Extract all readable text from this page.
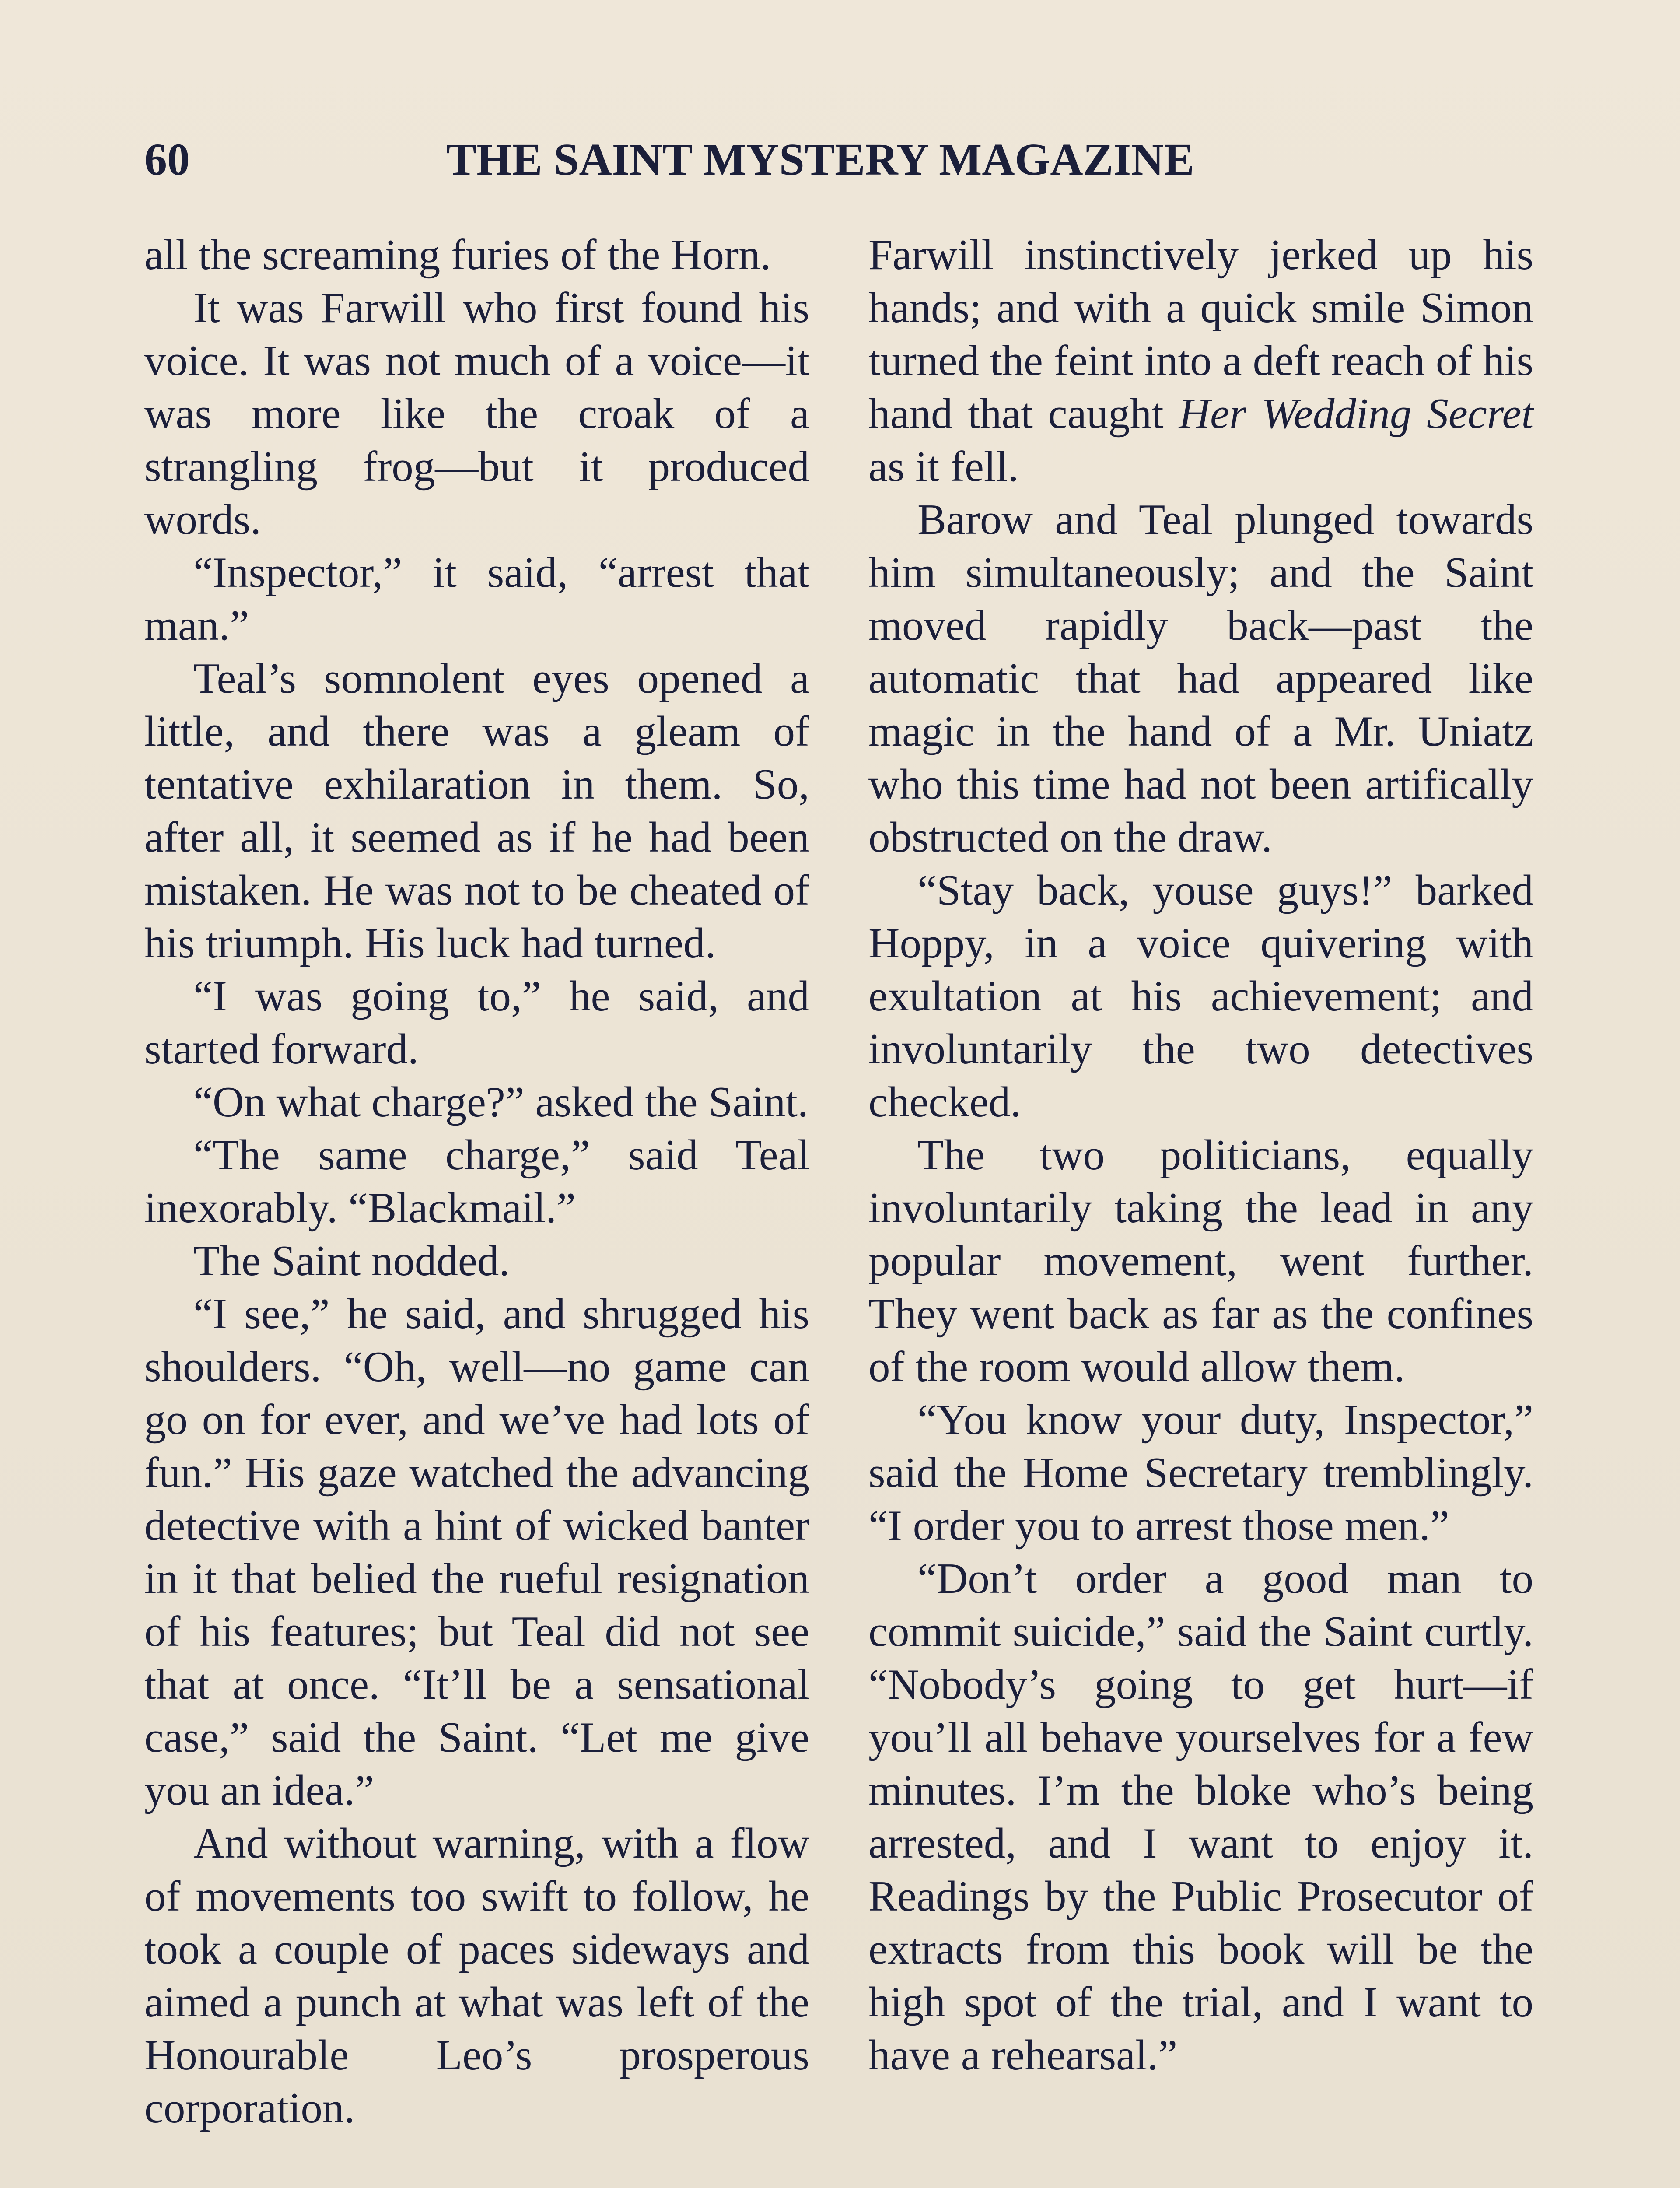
60	THE SAINT MYSTERY MAGAZINE

all the screaming furies of the Horn.

It was Farwill who first found his voice. It was not much of a voice—it was more like the croak of a strangling frog—but it produced words.

“Inspector,” it said, “arrest that man.”

Teal’s somnolent eyes opened a little, and there was a gleam of tentative exhilaration in them. So, after all, it seemed as if he had been mistaken. He was not to be cheated of his triumph. His luck had turned.

“I was going to,” he said, and started forward.

“On what charge?” asked the Saint.

“The same charge,” said Teal inexorably. “Blackmail.”

The Saint nodded.

“I see,” he said, and shrugged his shoulders. “Oh, well—no game can go on for ever, and we’ve had lots of fun.” His gaze watched the advancing detective with a hint of wicked banter in it that belied the rueful resignation of his features; but Teal did not see that at once. “It’ll be a sensational case,” said the Saint. “Let me give you an idea.”

And without warning, with a flow of movements too swift to follow, he took a couple of paces sideways and aimed a punch at what was left of the Honourable Leo’s prosperous corporation.

Farwill instinctively jerked up his hands; and with a quick smile Simon turned the feint into a deft reach of his hand that caught Her Wedding Secret as it fell.

Barow and Teal plunged towards him simultaneously; and the Saint moved rapidly back—past the automatic that had appeared like magic in the hand of a Mr. Uniatz who this time had not been artifically obstructed on the draw.

“Stay back, youse guys!” barked Hoppy, in a voice quivering with exultation at his achievement; and involuntarily the two detectives checked.

The two politicians, equally involuntarily taking the lead in any popular movement, went further. They went back as far as the confines of the room would allow them.

“You know your duty, Inspector,” said the Home Secretary tremblingly. “I order you to arrest those men.”

“Don’t order a good man to commit suicide,” said the Saint curtly. “Nobody’s going to get hurt—if you’ll all behave yourselves for a few minutes. I’m the bloke who’s being arrested, and I want to enjoy it. Readings by the Public Prosecutor of extracts from this book will be the high spot of the trial, and I want to have a rehearsal.”
